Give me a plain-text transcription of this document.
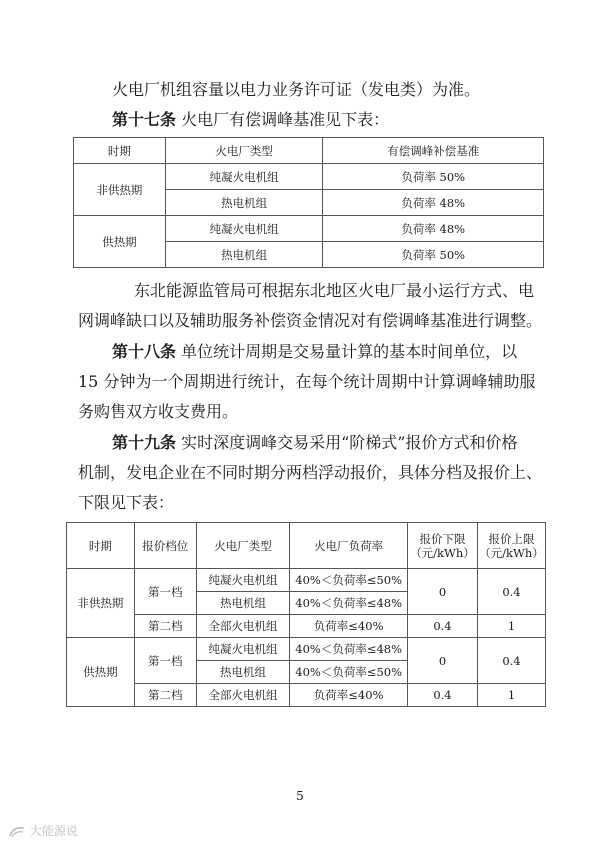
火电厂机组容量以电力业务许可证（发电类）为准。
第十七条 火电厂有偿调峰基准见下表：
时期	火电厂类型	有偿调峰补偿基准
非供热期	纯凝火电机组	负荷率 50%
	热电机组	负荷率 48%
供热期	纯凝火电机组	负荷率 48%
	热电机组	负荷率 50%
东北能源监管局可根据东北地区火电厂最小运行方式、电
网调峰缺口以及辅助服务补偿资金情况对有偿调峰基准进行调整。
第十八条 单位统计周期是交易量计算的基本时间单位，以
15 分钟为一个周期进行统计，在每个统计周期中计算调峰辅助服
务购售双方收支费用。
第十九条 实时深度调峰交易采用“阶梯式”报价方式和价格
机制，发电企业在不同时期分两档浮动报价，具体分档及报价上、
下限见下表：
时期	报价档位	火电厂类型	火电厂负荷率	报价下限（元/kWh）	报价上限（元/kWh）
非供热期	第一档	纯凝火电机组	40%＜负荷率≤50%	0	0.4
		热电机组	40%＜负荷率≤48%		
	第二档	全部火电机组	负荷率≤40%	0.4	1
供热期	第一档	纯凝火电机组	40%＜负荷率≤48%	0	0.4
		热电机组	40%＜负荷率≤50%		
	第二档	全部火电机组	负荷率≤40%	0.4	1
5
大能源说
